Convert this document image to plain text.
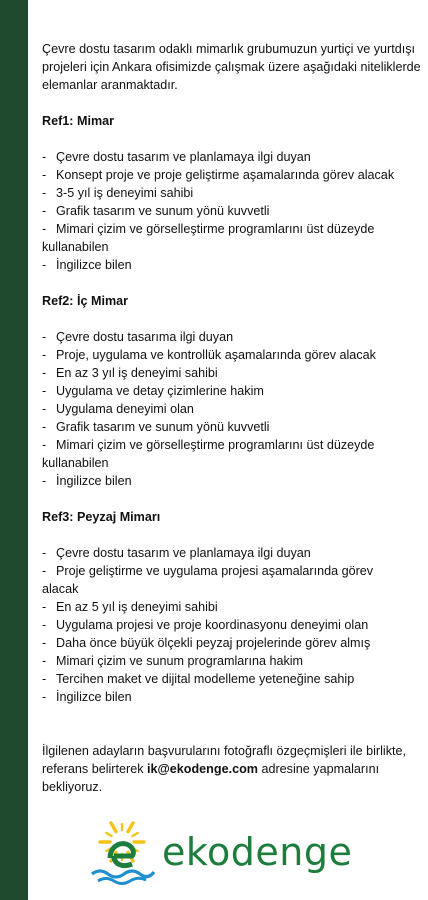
Çevre dostu tasarım odaklı mimarlık grubumuzun yurtiçi ve yurtdışı projeleri için Ankara ofisimizde çalışmak üzere aşağıdaki niteliklerde elemanlar aranmaktadır.

Ref1: Mimar
- Çevre dostu tasarım ve planlamaya ilgi duyan
- Konsept proje ve proje geliştirme aşamalarında görev alacak
- 3-5 yıl iş deneyimi sahibi
- Grafik tasarım ve sunum yönü kuvvetli
- Mimari çizim ve görselleştirme programlarını üst düzeyde
kullanabilen
- İngilizce bilen
Ref2: İç Mimar
- Çevre dostu tasarıma ilgi duyan
- Proje, uygulama ve kontrollük aşamalarında görev alacak
- En az 3 yıl iş deneyimi sahibi
- Uygulama ve detay çizimlerine hakim
- Uygulama deneyimi olan
- Grafik tasarım ve sunum yönü kuvvetli
- Mimari çizim ve görselleştirme programlarını üst düzeyde
kullanabilen
- İngilizce bilen
Ref3: Peyzaj Mimarı
- Çevre dostu tasarım ve planlamaya ilgi duyan
- Proje geliştirme ve uygulama projesi aşamalarında görev
alacak
- En az 5 yıl iş deneyimi sahibi
- Uygulama projesi ve proje koordinasyonu deneyimi olan
- Daha önce büyük ölçekli peyzaj projelerinde görev almış
- Mimari çizim ve sunum programlarına hakim
- Tercihen maket ve dijital modelleme yeteneğine sahip
- İngilizce bilen

İlgilenen adayların başvurularını fotoğraflı özgeçmişleri ile birlikte, referans belirterek ik@ekodenge.com adresine yapmalarını bekliyoruz.

ekodenge
